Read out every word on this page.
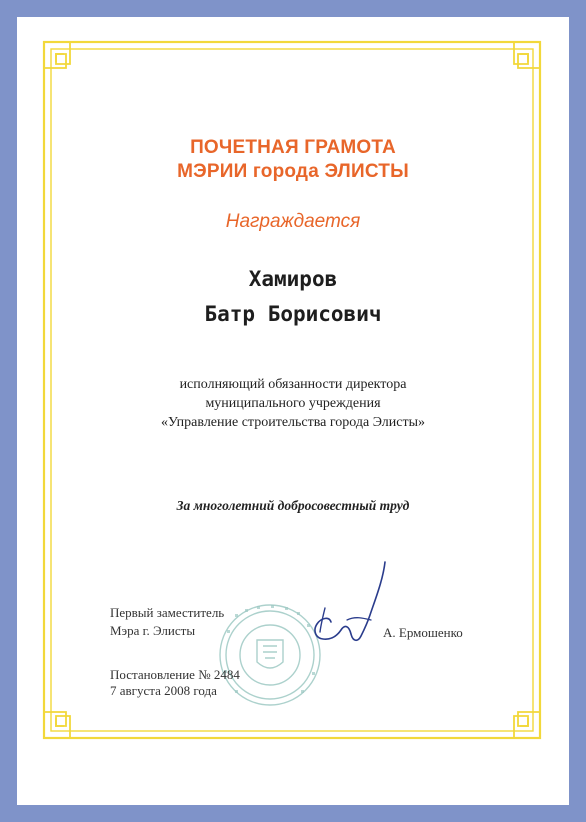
ПОЧЕТНАЯ ГРАМОТА
МЭРИИ города ЭЛИСТЫ
Награждается
Хамиров
Батр Борисович
исполняющий обязанности директора
муниципального учреждения
«Управление строительства города Элисты»
За многолетний добросовестный труд
Первый заместитель
Мэра г. Элисты	А. Ермошенко
Постановление № 2484
7 августа 2008 года
